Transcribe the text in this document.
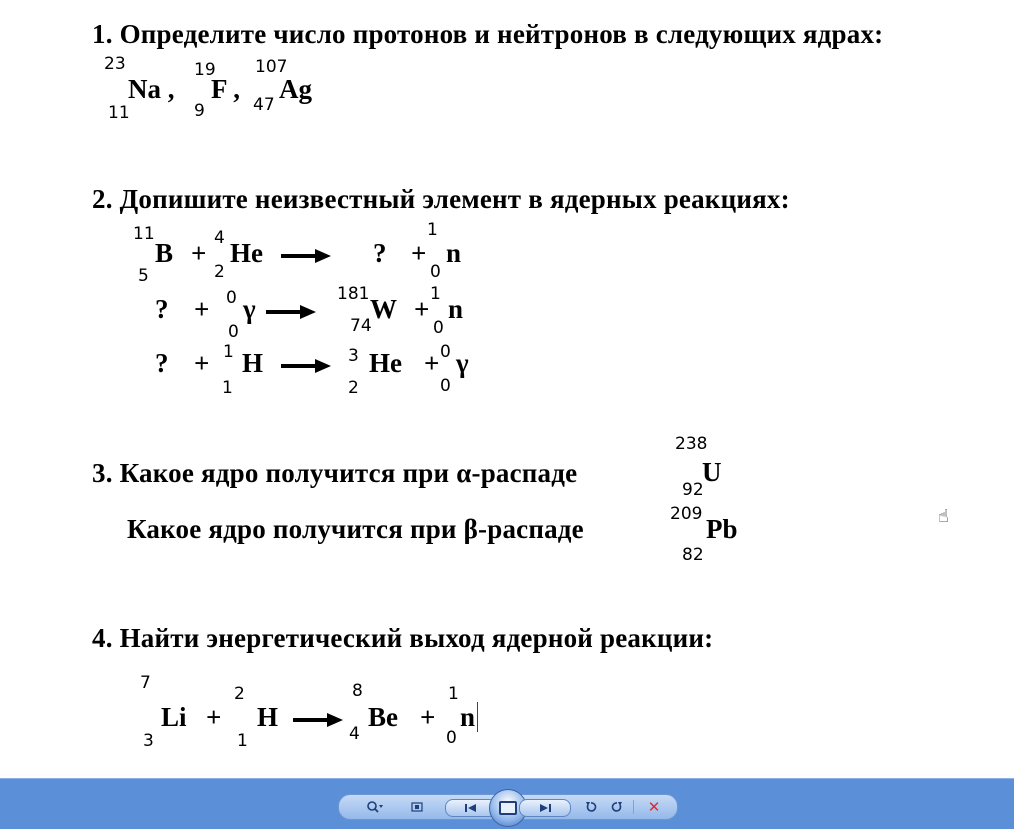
1. Определите число протонов и нейтронов в следующих ядрах:
23
11
Na ,
19
9
F ,
107
47
Ag
2. Допишите неизвестный элемент в ядерных реакциях:
11
5
B + 4
2
He	? +
1
0
n
? + 0
0
γ	181
74
W + 1
0
n
? + 1
1
H	3
2
He + 0
0
γ
3. Какое ядро получится при α-распаде
238
92
U
Какое ядро получится при β-распаде	209
82
Pb	☝
4. Найти энергетический выход ядерной реакции:
7
3
Li +
2
1
H
8
4
Be +
1
0
n
✕
